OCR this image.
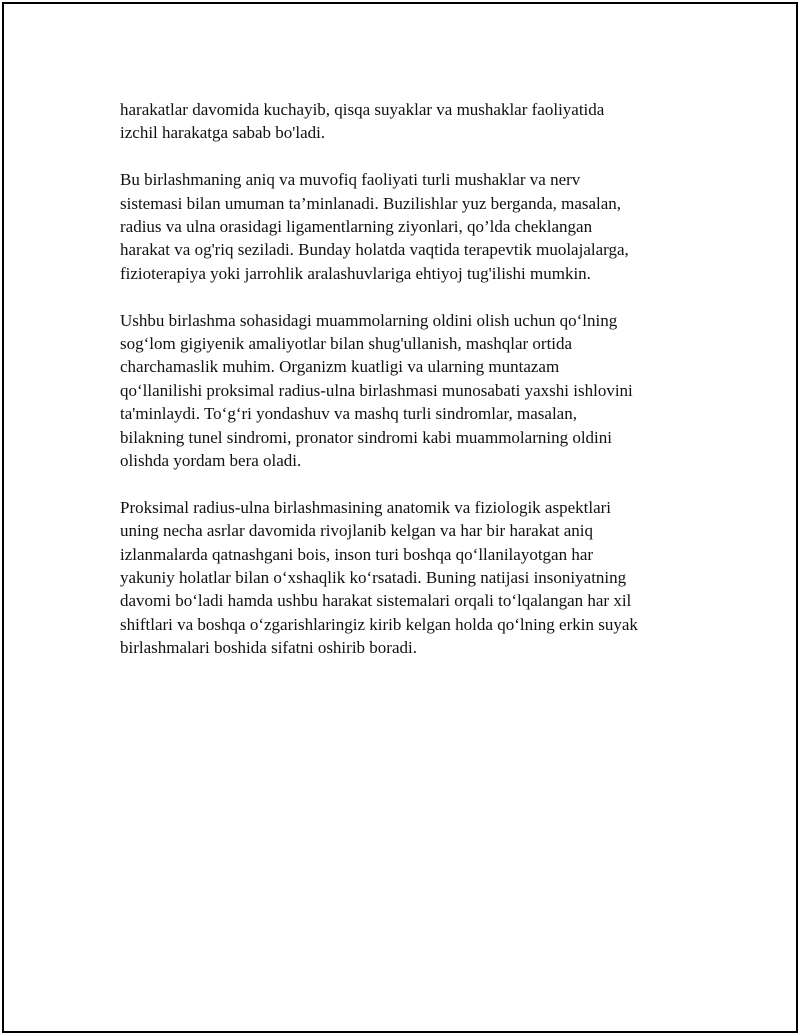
harakatlar davomida kuchayib, qisqa suyaklar va mushaklar faoliyatida
izchil harakatga sabab bo'ladi.

Bu birlashmaning aniq va muvofiq faoliyati turli mushaklar va nerv
sistemasi bilan umuman ta’minlanadi. Buzilishlar yuz berganda, masalan,
radius va ulna orasidagi ligamentlarning ziyonlari, qo’lda cheklangan
harakat va og'riq seziladi. Bunday holatda vaqtida terapevtik muolajalarga,
fizioterapiya yoki jarrohlik aralashuvlariga ehtiyoj tug'ilishi mumkin.

Ushbu birlashma sohasidagi muammolarning oldini olish uchun qo‘lning
sog‘lom gigiyenik amaliyotlar bilan shug'ullanish, mashqlar ortida
charchamaslik muhim. Organizm kuatligi va ularning muntazam
qo‘llanilishi proksimal radius-ulna birlashmasi munosabati yaxshi ishlovini
ta'minlaydi. To‘g‘ri yondashuv va mashq turli sindromlar, masalan,
bilakning tunel sindromi, pronator sindromi kabi muammolarning oldini
olishda yordam bera oladi.

Proksimal radius-ulna birlashmasining anatomik va fiziologik aspektlari
uning necha asrlar davomida rivojlanib kelgan va har bir harakat aniq
izlanmalarda qatnashgani bois, inson turi boshqa qo‘llanilayotgan har
yakuniy holatlar bilan o‘xshaqlik ko‘rsatadi. Buning natijasi insoniyatning
davomi bo‘ladi hamda ushbu harakat sistemalari orqali to‘lqalangan har xil
shiftlari va boshqa o‘zgarishlaringiz kirib kelgan holda qo‘lning erkin suyak
birlashmalari boshida sifatni oshirib boradi.
